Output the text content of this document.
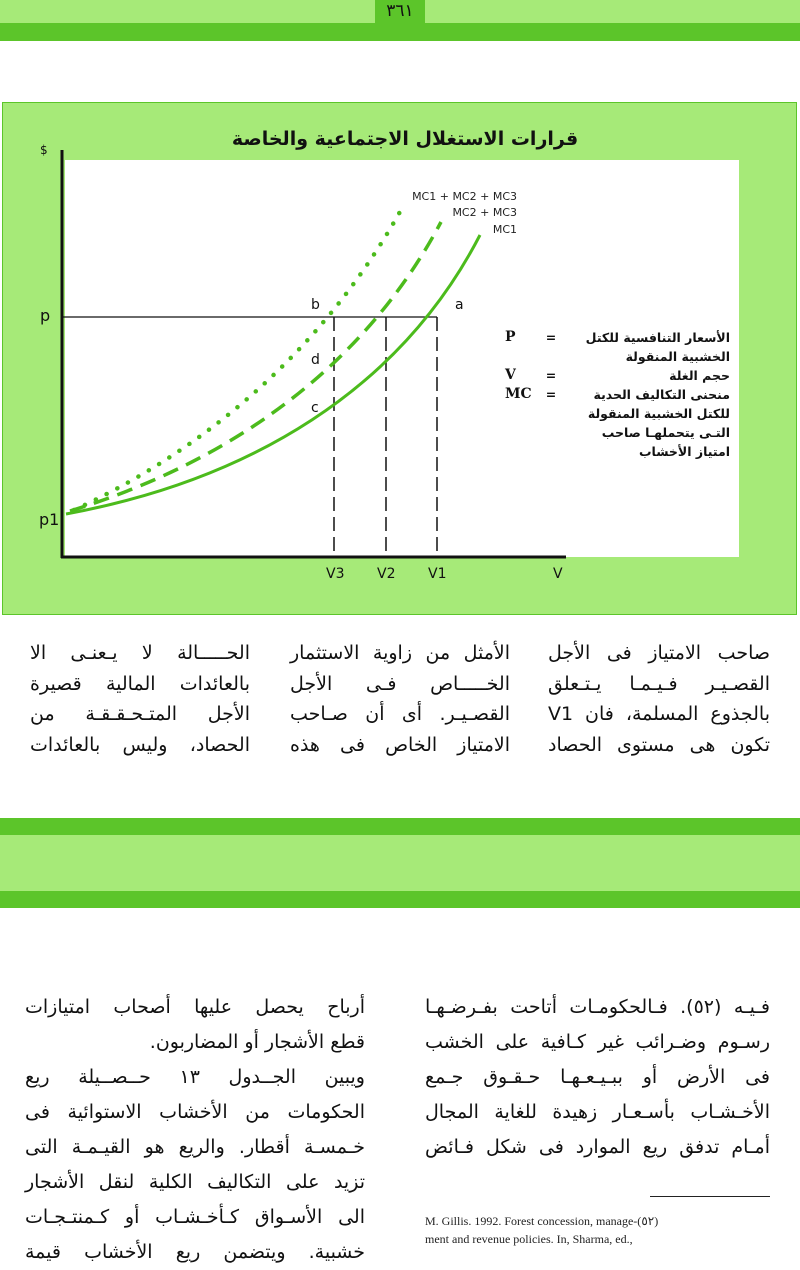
٣٦١
قرارات الاستغلال الاجتماعية والخاصة
$
V
p
p1
V3 V2 V1
a
b
c
d
MC1 + MC2 + MC3
MC2 + MC3
MC1
P	=	الأسعار التنافسية للكتل
الخشبية المنقولة
V	=	حجم الغلة
MC	=	منحنى التكاليف الحدية
للكتل الخشبية المنقولة
التـى يتحملهـا صاحب
امتياز الأخشاب
صاحب الامتياز فى الأجل
القصـيـر فـيـمـا يـتـعلق
بالجذوع المسلمة، فان V1
تكون هى مستوى الحصاد
الأمثل من زاوية الاستثمار
الخـــــاص فـى الأجل
القصـيـر. أى أن صـاحب
الامتياز الخاص فى هذه
الحـــــالة لا يـعنـى الا
بالعائدات المالية قصيرة
الأجل المتـحـقـقـة من
الحصاد، وليس بالعائدات
فـيـه (٥٢). فـالحكومـات أتاحت بفـرضـهـا
رسـوم وضـرائب غير كـافية على الخشب
فى الأرض أو ببـيـعـهـا حـقـوق جـمع
الأخـشـاب بأسـعـار زهيدة للغاية المجال
أمـام تدفق ريع الموارد فى شكل فـائض
أرباح يحصل عليها أصحاب امتيازات
قطع الأشجار أو المضاربون.
ويبين الجــدول ١٣ حــصــيلة ريع
الحكومات من الأخشاب الاستوائية فى
خـمسـة أقطار. والريع هو القيـمـة التى
تزيد على التكاليف الكلية لنقل الأشجار
الى الأسـواق كـأخـشـاب أو كـمنتـجـات
خشبية. ويتضمن ريع الأخشاب قيمة
M. Gillis. 1992. Forest concession, manage-(٥٢)
ment and revenue policies. In, Sharma, ed.,
